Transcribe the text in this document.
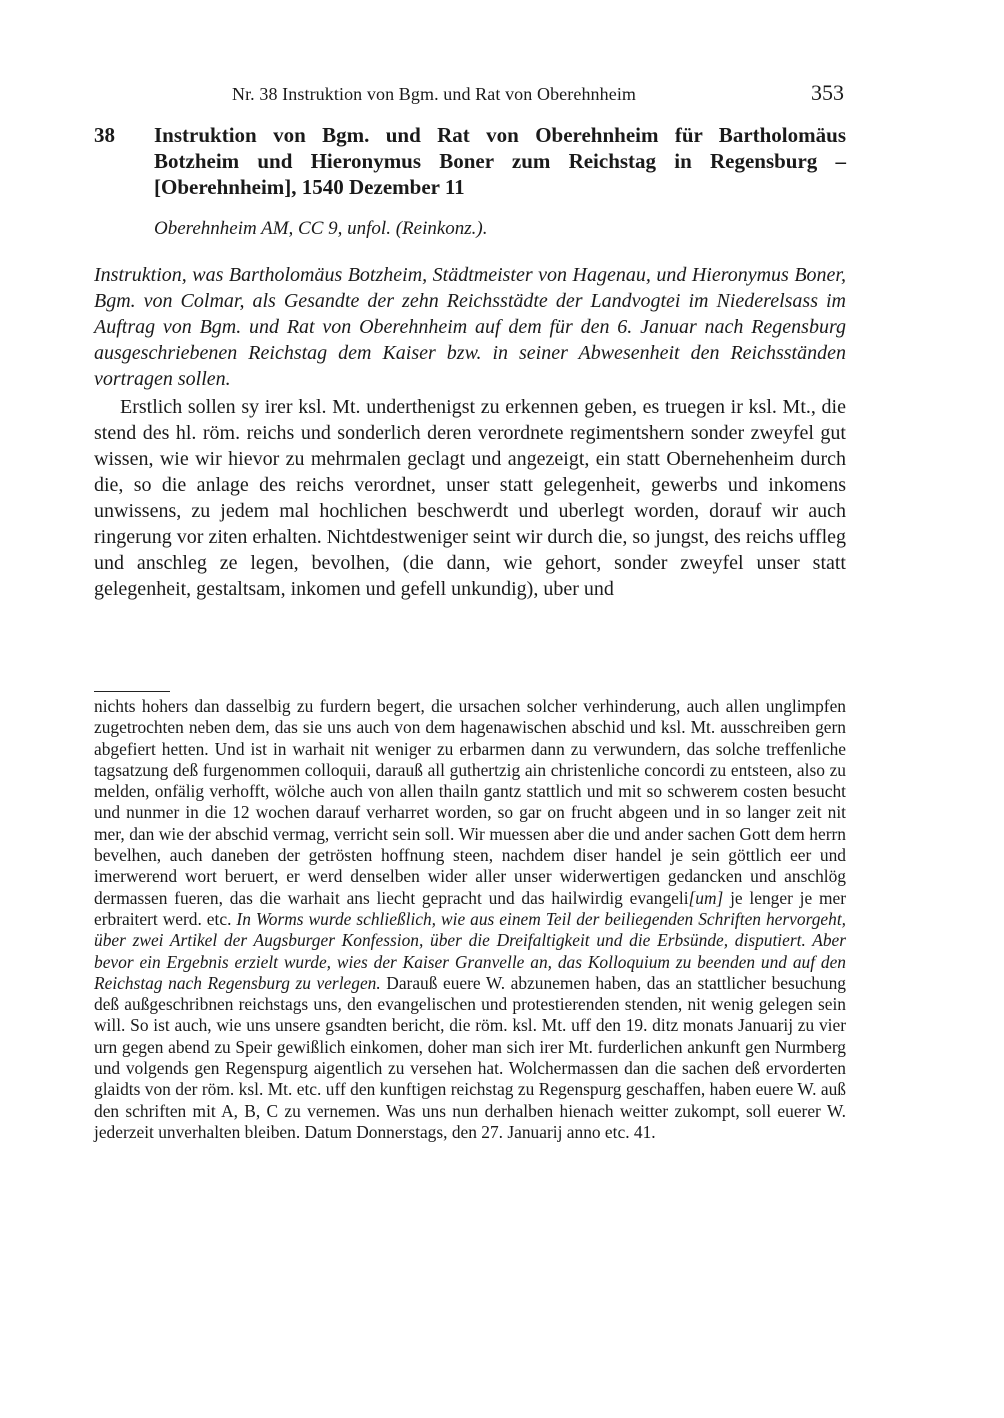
Nr. 38 Instruktion von Bgm. und Rat von Oberehnheim	353
38 Instruktion von Bgm. und Rat von Oberehnheim für Bartholomäus Botzheim und Hieronymus Boner zum Reichstag in Regensburg – [Oberehnheim], 1540 Dezember 11
Oberehnheim AM, CC 9, unfol. (Reinkonz.).
Instruktion, was Bartholomäus Botzheim, Städtmeister von Hagenau, und Hieronymus Boner, Bgm. von Colmar, als Gesandte der zehn Reichsstädte der Landvogtei im Niederelsass im Auftrag von Bgm. und Rat von Oberehnheim auf dem für den 6. Januar nach Regensburg ausgeschriebenen Reichstag dem Kaiser bzw. in seiner Abwesenheit den Reichsständen vortragen sollen.
Erstlich sollen sy irer ksl. Mt. underthenigst zu erkennen geben, es truegen ir ksl. Mt., die stend des hl. röm. reichs und sonderlich deren verordnete regimentshern sonder zweyfel gut wissen, wie wir hievor zu mehrmalen geclagt und angezeigt, ein statt Obernehenheim durch die, so die anlage des reichs verordnet, unser statt gelegenheit, gewerbs und inkomens unwissens, zu jedem mal hochlichen beschwerdt und uberlegt worden, dorauf wir auch ringerung vor ziten erhalten. Nichtdestweniger seint wir durch die, so jungst, des reichs uffleg und anschleg ze legen, bevolhen, (die dann, wie gehort, sonder zweyfel unser statt gelegenheit, gestaltsam, inkomen und gefell unkundig), uber und
nichts hohers dan dasselbig zu furdern begert, die ursachen solcher verhinderung, auch allen unglimpfen zugetrochten neben dem, das sie uns auch von dem hagenawischen abschid und ksl. Mt. ausschreiben gern abgefiert hetten. Und ist in warhait nit weniger zu erbarmen dann zu verwundern, das solche treffenliche tagsatzung deß furgenommen colloquii, darauß all guthertzig ain christenliche concordi zu entsteen, also zu melden, onfälig verhofft, wölche auch von allen thailn gantz stattlich und mit so schwerem costen besucht und nunmer in die 12 wochen darauf verharret worden, so gar on frucht abgeen und in so langer zeit nit mer, dan wie der abschid vermag, verricht sein soll. Wir muessen aber die und ander sachen Gott dem herrn bevelhen, auch daneben der getrösten hoffnung steen, nachdem diser handel je sein göttlich eer und imerwerend wort beruert, er werd denselben wider aller unser widerwertigen gedancken und anschlög dermassen fueren, das die warhait ans liecht gepracht und das hailwirdig evangeli[um] je lenger je mer erbraitert werd. etc. In Worms wurde schließlich, wie aus einem Teil der beiliegenden Schriften hervorgeht, über zwei Artikel der Augsburger Konfession, über die Dreifaltigkeit und die Erbsünde, disputiert. Aber bevor ein Ergebnis erzielt wurde, wies der Kaiser Granvelle an, das Kolloquium zu beenden und auf den Reichstag nach Regensburg zu verlegen. Darauß euere W. abzunemen haben, das an stattlicher besuchung deß außgeschribnen reichstags uns, den evangelischen und protestierenden stenden, nit wenig gelegen sein will. So ist auch, wie uns unsere gsandten bericht, die röm. ksl. Mt. uff den 19. ditz monats Januarij zu vier urn gegen abend zu Speir gewißlich einkomen, doher man sich irer Mt. furderlichen ankunft gen Nurmberg und volgends gen Regenspurg aigentlich zu versehen hat. Wolchermassen dan die sachen deß ervorderten glaidts von der röm. ksl. Mt. etc. uff den kunftigen reichstag zu Regenspurg geschaffen, haben euere W. auß den schriften mit A, B, C zu vernemen. Was uns nun derhalben hienach weitter zukompt, soll euerer W. jederzeit unverhalten bleiben. Datum Donnerstags, den 27. Januarij anno etc. 41.
